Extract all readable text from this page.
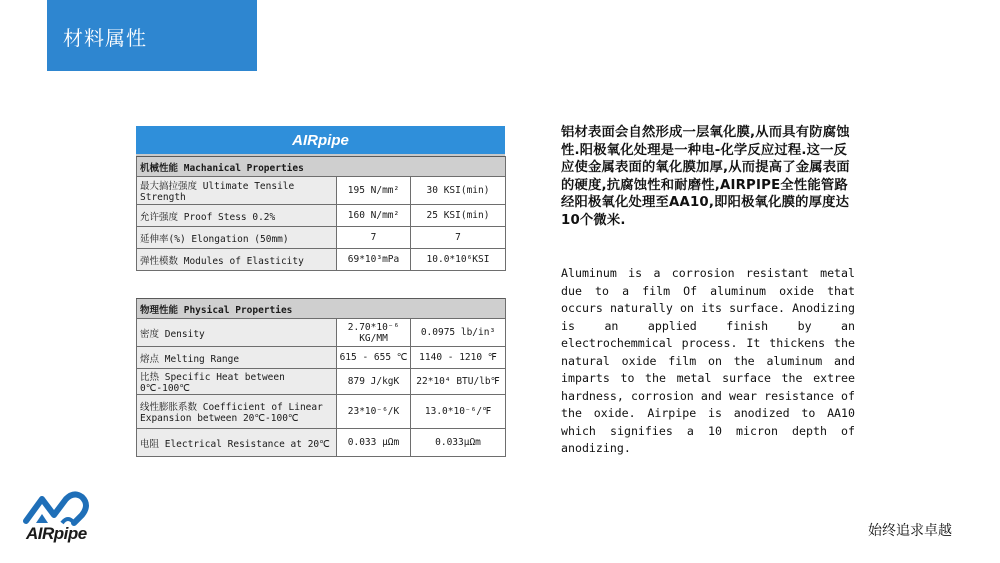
材料属性
AIRpipe
机械性能 Machanical Properties		
最大搞拉强度 Ultimate Tensile Strength	195 N/mm²	30 KSI(min)
允许强度 Proof Stess 0.2%	160 N/mm²	25 KSI(min)
延伸率(%) Elongation (50mm)	7	7
弹性模数 Modules of Elasticity	69*10³mPa	10.0*10⁶KSI
物理性能 Physical Properties		
密度 Density	2.70*10⁻⁶ KG/MM	0.0975 lb/in³
熔点 Melting Range	615 - 655 ℃	1140 - 1210 ℉
比热 Specific Heat between 0℃-100℃	879 J/kgK	22*10⁴ BTU/lb℉
线性膨胀系数 Coefficient of Linear Expansion between 20℃-100℃	23*10⁻⁶/K	13.0*10⁻⁶/℉
电阻 Electrical Resistance at 20℃	0.033 μΩm	0.033μΩm
铝材表面会自然形成一层氧化膜,从而具有防腐蚀性.阳极氧化处理是一种电-化学反应过程.这一反应使金属表面的氧化膜加厚,从而提高了金属表面的硬度,抗腐蚀性和耐磨性,AIRPIPE全性能管路经阳极氧化处理至AA10,即阳极氧化膜的厚度达10个微米.
Aluminum is a corrosion resistant metal due to a film Of aluminum oxide that occurs naturally on its surface. Anodizing is an applied finish by an electrochemmical process. It thickens the natural oxide film on the aluminum and imparts to the metal surface the extree hardness, corrosion and wear resistance of the oxide. Airpipe is anodized to AA10 which signifies a 10 micron depth of anodizing.
AIRpipe	始终追求卓越
